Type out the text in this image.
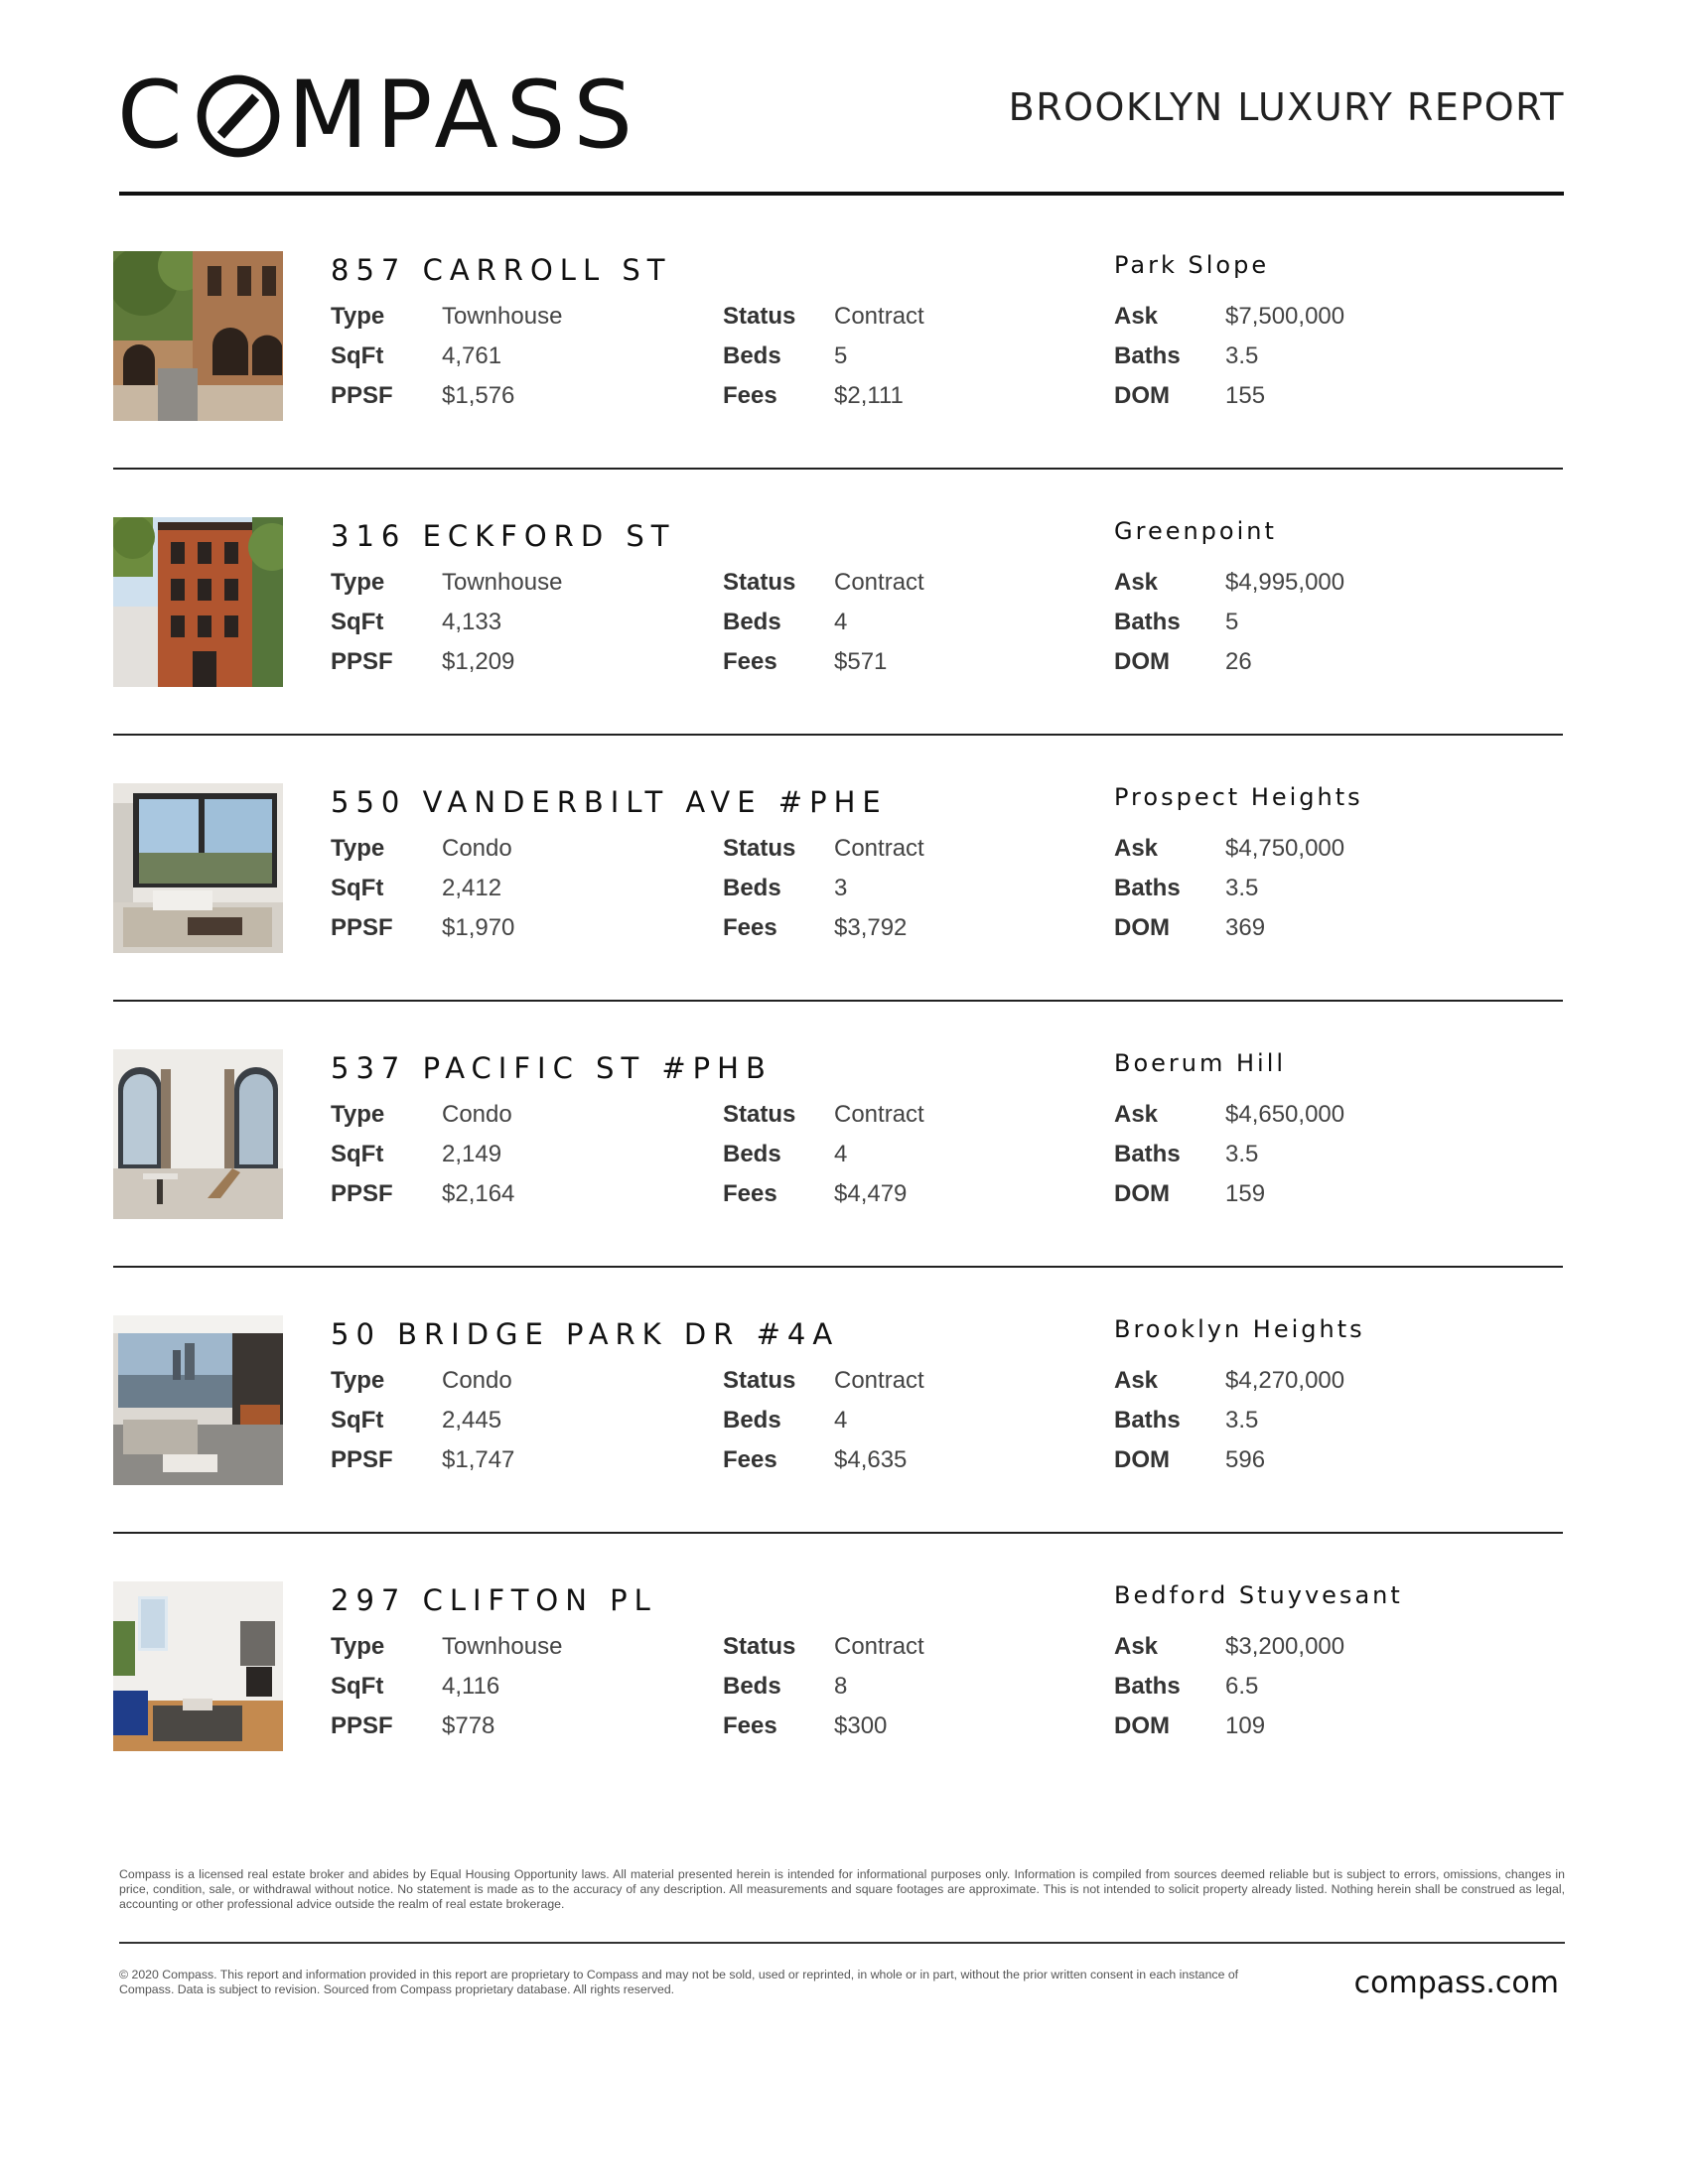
C MPASS	BROOKLYN LUXURY REPORT
857 CARROLL ST	Park Slope
Type Townhouse	Status Contract	Ask	$7,500,000
SqFt 4,761	Beds 5	Baths 3.5
PPSF $1,576	Fees $2,111	DOM 155
316 ECKFORD ST	Greenpoint
Type Townhouse	Status Contract	Ask	$4,995,000
SqFt 4,133	Beds 4	Baths 5
PPSF $1,209	Fees $571	DOM 26
550 VANDERBILT AVE #PHE	Prospect Heights
Type Condo	Status Contract	Ask	$4,750,000
SqFt 2,412	Beds 3	Baths 3.5
PPSF $1,970	Fees $3,792	DOM 369
537 PACIFIC ST #PHB	Boerum Hill
Type Condo	Status Contract	Ask	$4,650,000
SqFt 2,149	Beds 4	Baths 3.5
PPSF $2,164	Fees $4,479	DOM 159
50 BRIDGE PARK DR #4A	Brooklyn Heights
Type Condo	Status Contract	Ask	$4,270,000
SqFt 2,445	Beds 4	Baths 3.5
PPSF $1,747	Fees $4,635	DOM 596
297 CLIFTON PL	Bedford Stuyvesant
Type Townhouse	Status Contract	Ask	$3,200,000
SqFt 4,116	Beds 8	Baths 6.5
PPSF $778	Fees $300	DOM 109
Compass is a licensed real estate broker and abides by Equal Housing Opportunity laws. All material presented herein is intended for informational purposes only. Information is compiled from sources deemed reliable but is subject to errors, omissions, changes in price, condition, sale, or withdrawal without notice. No statement is made as to the accuracy of any description. All measurements and square footages are approximate. This is not intended to solicit property already listed. Nothing herein shall be construed as legal, accounting or other professional advice outside the realm of real estate brokerage.
© 2020 Compass. This report and information provided in this report are proprietary to Compass and may not be sold, used or reprinted, in whole or in part, without the prior written consent in each instance of Compass. Data is subject to revision. Sourced from Compass proprietary database. All rights reserved.	compass.com
